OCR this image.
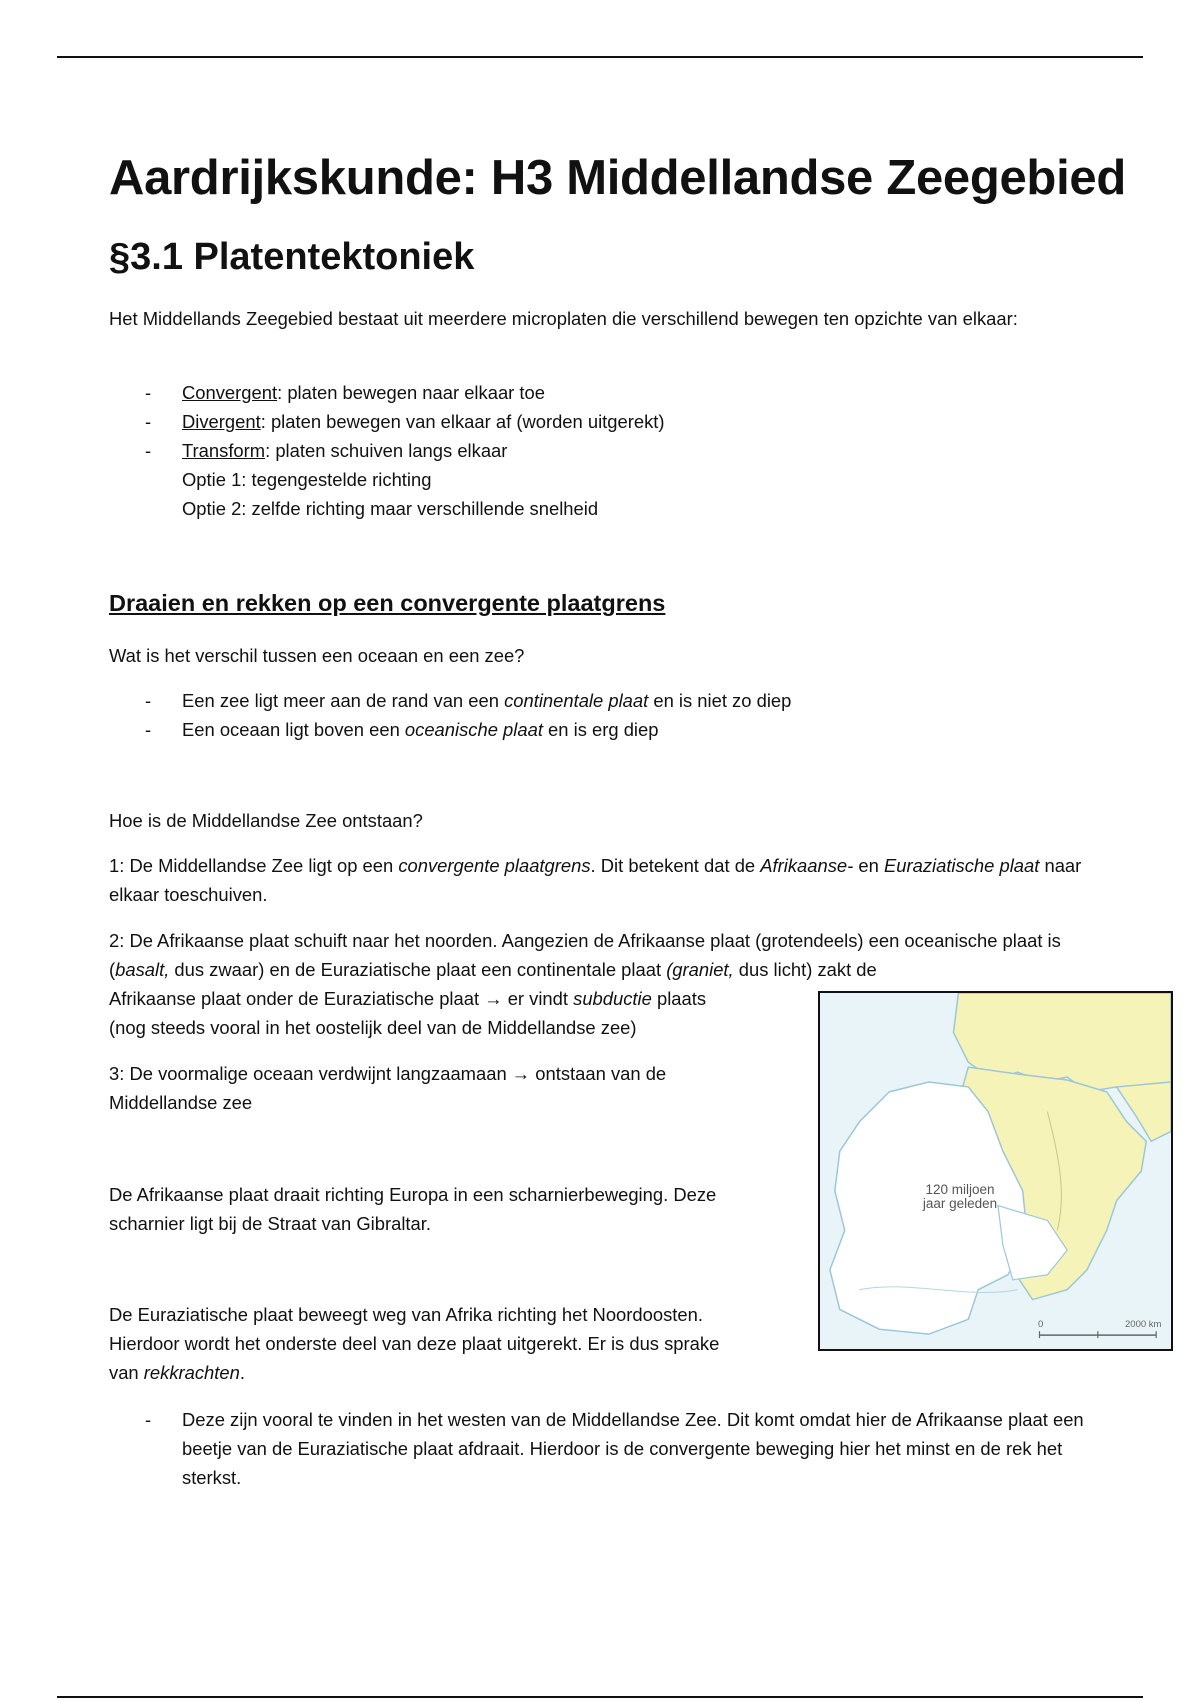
Aardrijkskunde: H3 Middellandse Zeegebied
§3.1 Platentektoniek

Het Middellands Zeegebied bestaat uit meerdere microplaten die verschillend bewegen ten opzichte van elkaar:

- Convergent: platen bewegen naar elkaar toe
- Divergent: platen bewegen van elkaar af (worden uitgerekt)
- Transform: platen schuiven langs elkaar
Optie 1: tegengestelde richting
Optie 2: zelfde richting maar verschillende snelheid
Draaien en rekken op een convergente plaatgrens

Wat is het verschil tussen een oceaan en een zee?

- Een zee ligt meer aan de rand van een continentale plaat en is niet zo diep
- Een oceaan ligt boven een oceanische plaat en is erg diep

Hoe is de Middellandse Zee ontstaan?

1: De Middellandse Zee ligt op een convergente plaatgrens. Dit betekent dat de Afrikaanse- en Euraziatische plaat naar elkaar toeschuiven.

2: De Afrikaanse plaat schuift naar het noorden. Aangezien de Afrikaanse plaat (grotendeels) een oceanische plaat is (basalt, dus zwaar) en de Euraziatische plaat een continentale plaat (graniet, dus licht) zakt de

Afrikaanse plaat onder de Euraziatische plaat → er vindt subductie plaats

(nog steeds vooral in het oostelijk deel van de Middellandse zee)

3: De voormalige oceaan verdwijnt langzaamaan → ontstaan van de

Middellandse zee

De Afrikaanse plaat draait richting Europa in een scharnierbeweging. Deze

scharnier ligt bij de Straat van Gibraltar.

De Euraziatische plaat beweegt weg van Afrika richting het Noordoosten.

Hierdoor wordt het onderste deel van deze plaat uitgerekt. Er is dus sprake

van rekkrachten.

- Deze zijn vooral te vinden in het westen van de Middellandse Zee. Dit komt omdat hier de Afrikaanse plaat een beetje van de Euraziatische plaat afdraait. Hierdoor is de convergente beweging hier het minst en de rek het sterkst.
120 miljoen
jaar geleden
0	2000 km
